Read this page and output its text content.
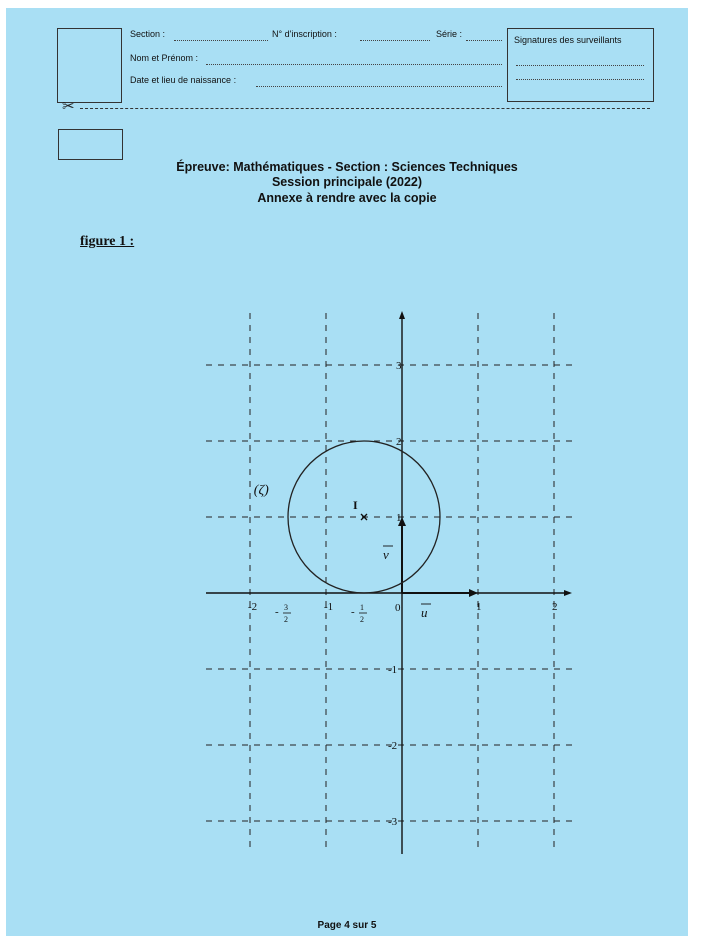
Section :	N° d'inscription :	Série :
Nom et Prénom :
Date et lieu de naissance :
Signatures des surveillants
✂
Épreuve: Mathématiques - Section : Sciences Techniques
Session principale (2022)
Annexe à rendre avec la copie
figure 1 :
-2	-1	1	2
- 3
2
- 1
2
3
2
1
-1
-2
-3
0 u
v
(ζ)
I
Page 4 sur 5
